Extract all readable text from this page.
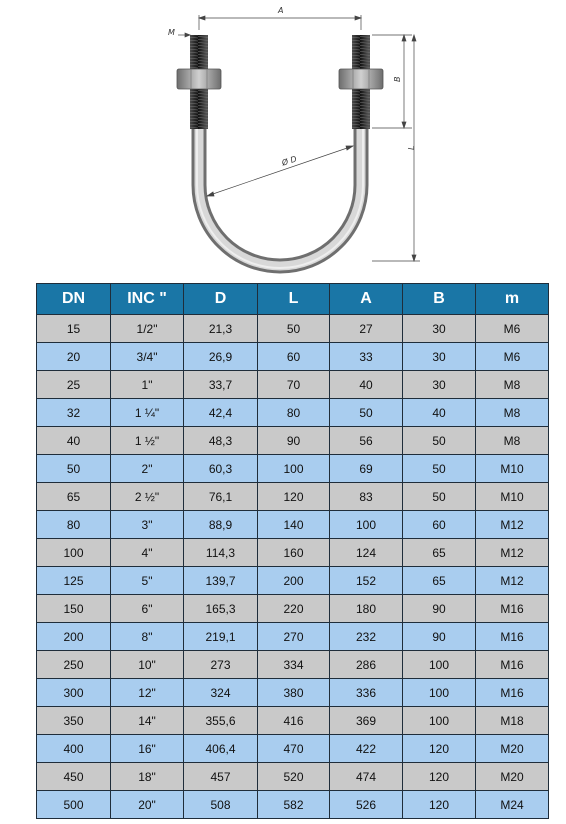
A
M
B
L
Ø D
DN	INC "	D	L	A	B	m
15	1/2"	21,3	50	27	30	M6
20	3/4"	26,9	60	33	30	M6
25	1"	33,7	70	40	30	M8
32	1 ¼"	42,4	80	50	40	M8
40	1 ½"	48,3	90	56	50	M8
50	2"	60,3	100	69	50	M10
65	2 ½"	76,1	120	83	50	M10
80	3"	88,9	140	100	60	M12
100	4"	114,3	160	124	65	M12
125	5"	139,7	200	152	65	M12
150	6"	165,3	220	180	90	M16
200	8"	219,1	270	232	90	M16
250	10"	273	334	286	100	M16
300	12"	324	380	336	100	M16
350	14"	355,6	416	369	100	M18
400	16"	406,4	470	422	120	M20
450	18"	457	520	474	120	M20
500	20"	508	582	526	120	M24
